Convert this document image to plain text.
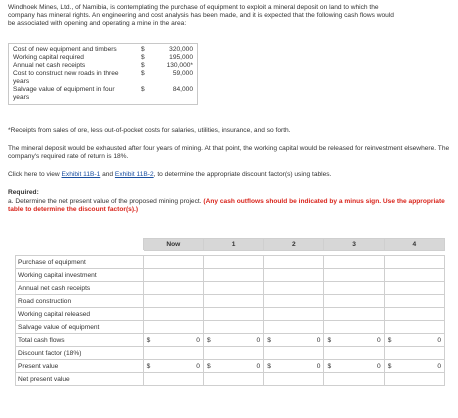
Windhoek Mines, Ltd., of Namibia, is contemplating the purchase of equipment to exploit a mineral deposit on land to which the company has mineral rights. An engineering and cost analysis has been made, and it is expected that the following cash flows would be associated with opening and operating a mine in the area:

Cost of new equipment and timbers	$	320,000
Working capital required	$	195,000
Annual net cash receipts	$	130,000*
Cost to construct new roads in three years
$	59,000
Salvage value of equipment in four years
$	84,000

*Receipts from sales of ore, less out-of-pocket costs for salaries, utilities, insurance, and so forth.

The mineral deposit would be exhausted after four years of mining. At that point, the working capital would be released for reinvestment elsewhere. The company's required rate of return is 18%.

Click here to view Exhibit 11B-1 and Exhibit 11B-2, to determine the appropriate discount factor(s) using tables.

Required:

a. Determine the net present value of the proposed mining project. (Any cash outflows should be indicated by a minus sign. Use the appropriate table to determine the discount factor(s).)

	Now	1	2	3	4

Purchase of equipment					
Working capital investment					
Annual net cash receipts					
Road construction					
Working capital released					
Salvage value of equipment					
Total cash flows	$ 0	$ 0	$ 0	$ 0	$ 0

Discount factor (18%)					
Present value	$ 0	$ 0	$ 0	$ 0	$ 0

Net present value					
